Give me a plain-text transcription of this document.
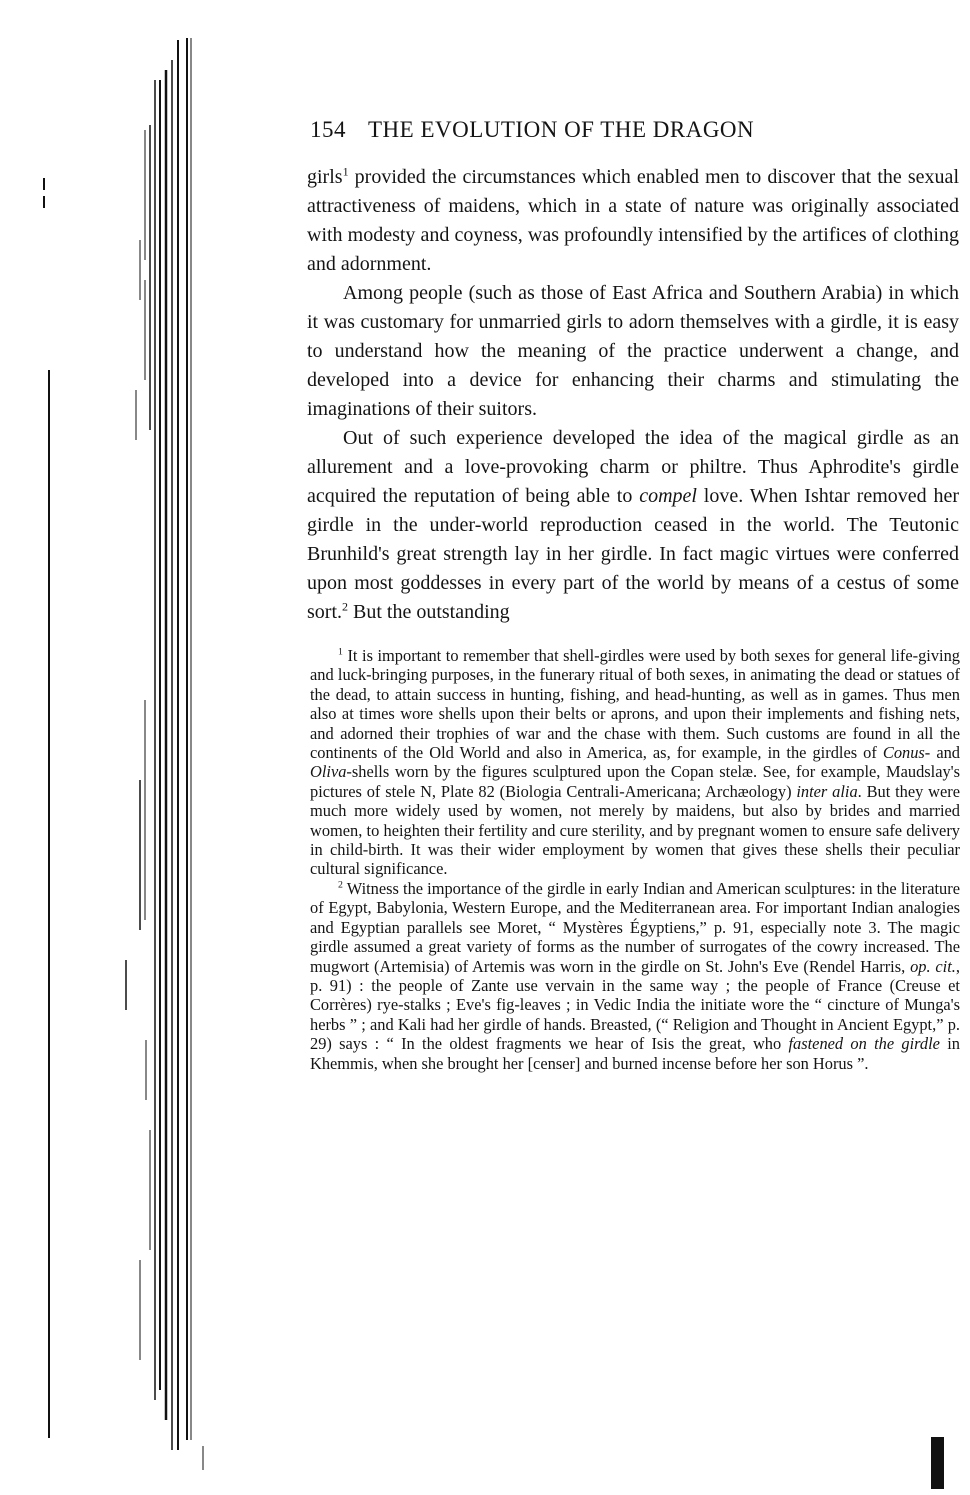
154 THE EVOLUTION OF THE DRAGON

girls$^1$ provided the circumstances which enabled men to discover that the sexual attractiveness of maidens, which in a state of nature was originally associated with modesty and coyness, was profoundly intensified by the artifices of clothing and adornment.

Among people (such as those of East Africa and Southern Arabia) in which it was customary for unmarried girls to adorn themselves with a girdle, it is easy to understand how the meaning of the practice underwent a change, and developed into a device for enhancing their charms and stimulating the imaginations of their suitors.

Out of such experience developed the idea of the magical girdle as an allurement and a love-provoking charm or philtre. Thus Aphrodite's girdle acquired the reputation of being able to compel love. When Ishtar removed her girdle in the under-world reproduction ceased in the world. The Teutonic Brunhild's great strength lay in her girdle. In fact magic virtues were conferred upon most goddesses in every part of the world by means of a cestus of some sort.$^2$ But the outstanding

$^1$ It is important to remember that shell-girdles were used by both sexes for general life-giving and luck-bringing purposes, in the funerary ritual of both sexes, in animating the dead or statues of the dead, to attain success in hunting, fishing, and head-hunting, as well as in games. Thus men also at times wore shells upon their belts or aprons, and upon their implements and fishing nets, and adorned their trophies of war and the chase with them. Such customs are found in all the continents of the Old World and also in America, as, for example, in the girdles of Conus- and Oliva-shells worn by the figures sculptured upon the Copan stelæ. See, for example, Maudslay's pictures of stele N, Plate 82 (Biologia Centrali-Americana; Archæology) inter alia. But they were much more widely used by women, not merely by maidens, but also by brides and married women, to heighten their fertility and cure sterility, and by pregnant women to ensure safe delivery in child-birth. It was their wider employment by women that gives these shells their peculiar cultural significance.

$^2$ Witness the importance of the girdle in early Indian and American sculptures: in the literature of Egypt, Babylonia, Western Europe, and the Mediterranean area. For important Indian analogies and Egyptian parallels see Moret, “ Mystères Égyptiens,” p. 91, especially note 3. The magic girdle assumed a great variety of forms as the number of surrogates of the cowry increased. The mugwort (Artemisia) of Artemis was worn in the girdle on St. John's Eve (Rendel Harris, op. cit., p. 91) : the people of Zante use vervain in the same way ; the people of France (Creuse et Corrères) rye-stalks ; Eve's fig-leaves ; in Vedic India the initiate wore the “ cincture of Munga's herbs ” ; and Kali had her girdle of hands. Breasted, (“ Religion and Thought in Ancient Egypt,” p. 29) says : “ In the oldest fragments we hear of Isis the great, who fastened on the girdle in Khemmis, when she brought her [censer] and burned incense before her son Horus ”.
